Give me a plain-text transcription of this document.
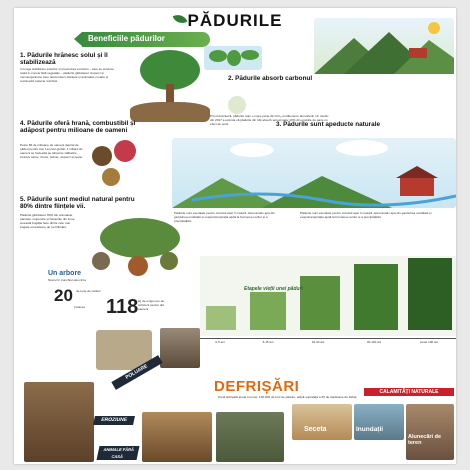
PĂDURILE
Beneficiile pădurilor
1. Pădurile hrănesc solul și îl stabilizează
În lunga stabilizare solurilor și prevenirea eroziunii – care se produce rapid în zonele fără vegetație – pădurile găzduiesc ciuperci și microorganisme care descompun plantele și animalele moarte și reciclează materia nutritivă.	2. Pădurile absorb carbonul
Prin fotosinteză, pădurile rețin o mare parte din CO₂-ul eliberat în atmosferă. Un studiu din 2017 a estimat că pădurile din UE absorb aproximativ 10% din emisiile de gaze cu efect de seră.
4. Pădurile oferă hrană, combustibil și adăpost pentru milioane de oameni
Peste 86 de milioane de oameni depind de păduri pentru trai. La nivel global, 1 miliard de oameni se bazează pe alimente sălbatice, inclusiv carne, fructe, plante, ciuperci și pește.
3. Pădurile sunt apeducte naturale
Pădurile sunt esențiale pentru circuitul apei în natură. Aproximativ apa din gazduirea umiditatii și evapotranspirația ajută la formarea norilor și a precipitațiilor.
Pădurile sunt esențiale pentru circuitul apei în natură. Aproximativ apa din gazduirea umiditatii și evapotranspirația ajută la formarea norilor și a precipitațiilor.
5. Pădurile sunt mediul natural pentru 80% dintre ființele vii.
Pădurile găzduiesc 80% din animalele, plantele, ciupercile și bacteriile din lume. Această bogăție face dintre cele mai bogate ecosisteme de pe Pământ.
Etapele vieții unei păduri
0-5 ani	5-15 ani	15-30 ani	30-100 ani	peste 100 ani
Un arbore
Stocul în trunchiul său circa
20 de tone de carbon
produce	118 kg de oxigen pe an, suficient pentru doi oameni
POLUARE
DEFRIȘĂRI
Zonă defrișată anual în lume: 130.000 de km² de pădure, adică suprafața a 35 de stadioane de fotbal.
CALAMITĂȚI NATURALE
EROZIUNE
ANIMALE FĂRĂ CASĂ
Seceta	Inundații
Alunecări de teren
